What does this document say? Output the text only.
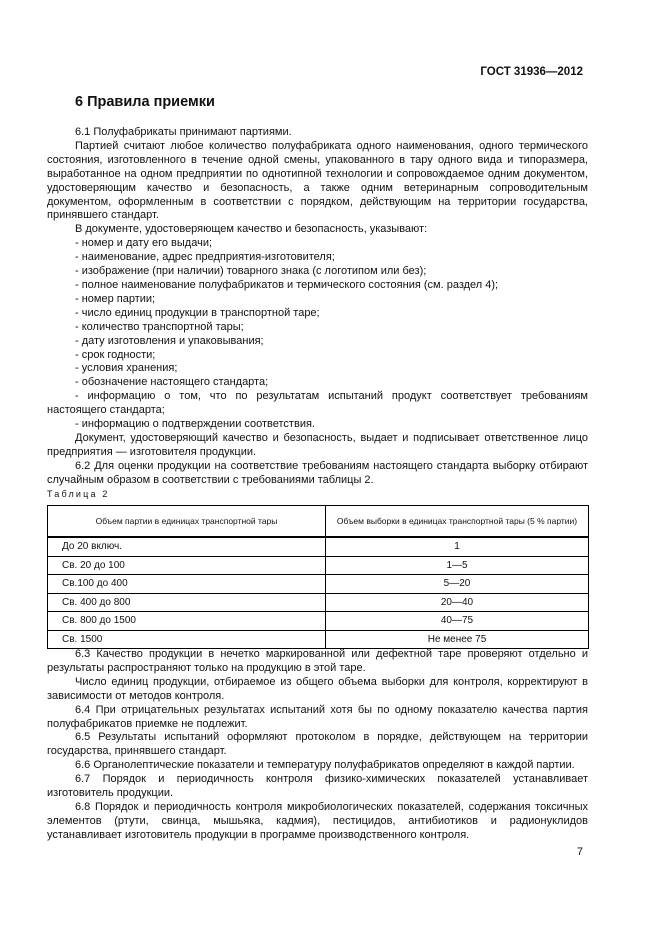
ГОСТ 31936—2012
6 Правила приемки

6.1 Полуфабрикаты принимают партиями.

Партией считают любое количество полуфабриката одного наименования, одного термического состояния, изготовленного в течение одной смены, упакованного в тару одного вида и типоразмера, выработанное на одном предприятии по однотипной технологии и сопровождаемое одним документом, удостоверяющим качество и безопасность, а также одним ветеринарным сопроводительным документом, оформленным в соответствии с порядком, действующим на территории государства, принявшего стандарт.

В документе, удостоверяющем качество и безопасность, указывают:

- номер и дату его выдачи;

- наименование, адрес предприятия-изготовителя;

- изображение (при наличии) товарного знака (с логотипом или без);

- полное наименование полуфабрикатов и термического состояния (см. раздел 4);

- номер партии;

- число единиц продукции в транспортной таре;

- количество транспортной тары;

- дату изготовления и упаковывания;

- срок годности;

- условия хранения;

- обозначение настоящего стандарта;

- информацию о том, что по результатам испытаний продукт соответствует требованиям настоящего стандарта;

- информацию о подтверждении соответствия.

Документ, удостоверяющий качество и безопасность, выдает и подписывает ответственное лицо предприятия — изготовителя продукции.

6.2 Для оценки продукции на соответствие требованиям настоящего стандарта выборку отбирают случайным образом в соответствии с требованиями таблицы 2.

Таблица 2
Объем партии в единицах транспортной тары	Объем выборки в единицах транспортной тары (5 % партии)
До 20 включ.	1
Св. 20 до 100	1—5
Св.100 до 400	5—20
Св. 400 до 800	20—40
Св. 800 до 1500	40—75
Св. 1500	Не менее 75

6.3 Качество продукции в нечетко маркированной или дефектной таре проверяют отдельно и результаты распространяют только на продукцию в этой таре.

Число единиц продукции, отбираемое из общего объема выборки для контроля, корректируют в зависимости от методов контроля.

6.4 При отрицательных результатах испытаний хотя бы по одному показателю качества партия полуфабрикатов приемке не подлежит.

6.5 Результаты испытаний оформляют протоколом в порядке, действующем на территории государства, принявшего стандарт.

6.6 Органолептические показатели и температуру полуфабрикатов определяют в каждой партии.

6.7 Порядок и периодичность контроля физико-химических показателей устанавливает изготовитель продукции.

6.8 Порядок и периодичность контроля микробиологических показателей, содержания токсичных элементов (ртути, свинца, мышьяка, кадмия), пестицидов, антибиотиков и радионуклидов устанавливает изготовитель продукции в программе производственного контроля.

7
